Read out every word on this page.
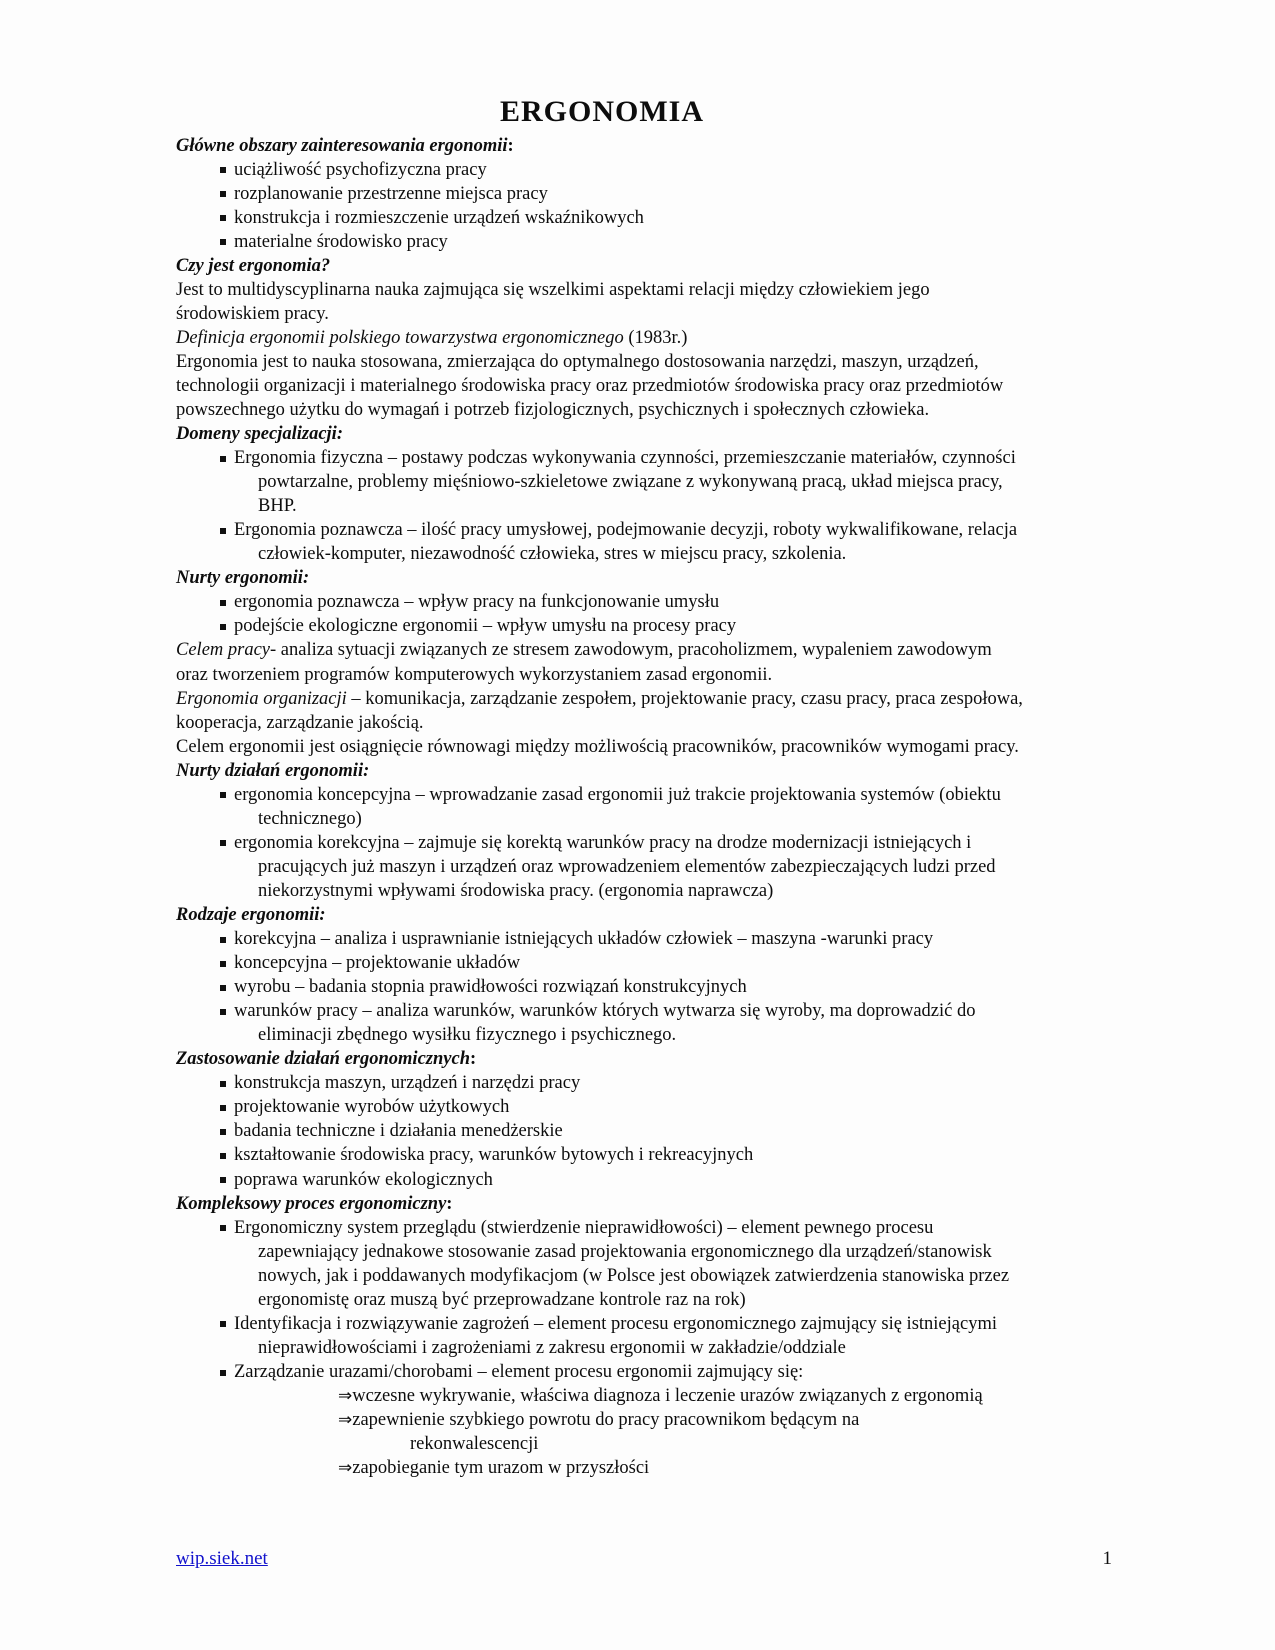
ERGONOMIA

Główne obszary zainteresowania ergonomii:

uciążliwość psychofizyczna pracy
rozplanowanie przestrzenne miejsca pracy
konstrukcja i rozmieszczenie urządzeń wskaźnikowych
materialne środowisko pracy

Czy jest ergonomia?

Jest to multidyscyplinarna nauka zajmująca się wszelkimi aspektami relacji między człowiekiem jego środowiskiem pracy.

Definicja ergonomii polskiego towarzystwa ergonomicznego (1983r.)

Ergonomia jest to nauka stosowana, zmierzająca do optymalnego dostosowania narzędzi, maszyn, urządzeń, technologii organizacji i materialnego środowiska pracy oraz przedmiotów środowiska pracy oraz przedmiotów powszechnego użytku do wymagań i potrzeb fizjologicznych, psychicznych i społecznych człowieka.

Domeny specjalizacji:

Ergonomia fizyczna – postawy podczas wykonywania czynności, przemieszczanie materiałów, czynności powtarzalne, problemy mięśniowo-szkieletowe związane z wykonywaną pracą, układ miejsca pracy, BHP.
Ergonomia poznawcza – ilość pracy umysłowej, podejmowanie decyzji, roboty wykwalifikowane, relacja człowiek-komputer, niezawodność człowieka, stres w miejscu pracy, szkolenia.

Nurty ergonomii:

ergonomia poznawcza – wpływ pracy na funkcjonowanie umysłu
podejście ekologiczne ergonomii – wpływ umysłu na procesy pracy

Celem pracy- analiza sytuacji związanych ze stresem zawodowym, pracoholizmem, wypaleniem zawodowym oraz tworzeniem programów komputerowych wykorzystaniem zasad ergonomii.

Ergonomia organizacji – komunikacja, zarządzanie zespołem, projektowanie pracy, czasu pracy, praca zespołowa, kooperacja, zarządzanie jakością.

Celem ergonomii jest osiągnięcie równowagi między możliwością pracowników, pracowników wymogami pracy.

Nurty działań ergonomii:

ergonomia koncepcyjna – wprowadzanie zasad ergonomii już trakcie projektowania systemów (obiektu technicznego)
ergonomia korekcyjna – zajmuje się korektą warunków pracy na drodze modernizacji istniejących i pracujących już maszyn i urządzeń oraz wprowadzeniem elementów zabezpieczających ludzi przed niekorzystnymi wpływami środowiska pracy. (ergonomia naprawcza)

Rodzaje ergonomii:

korekcyjna – analiza i usprawnianie istniejących układów człowiek – maszyna -warunki pracy
koncepcyjna – projektowanie układów
wyrobu – badania stopnia prawidłowości rozwiązań konstrukcyjnych
warunków pracy – analiza warunków, warunków których wytwarza się wyroby, ma doprowadzić do eliminacji zbędnego wysiłku fizycznego i psychicznego.

Zastosowanie działań ergonomicznych:

konstrukcja maszyn, urządzeń i narzędzi pracy
projektowanie wyrobów użytkowych
badania techniczne i działania menedżerskie
kształtowanie środowiska pracy, warunków bytowych i rekreacyjnych
poprawa warunków ekologicznych

Kompleksowy proces ergonomiczny:

Ergonomiczny system przeglądu (stwierdzenie nieprawidłowości) – element pewnego procesu zapewniający jednakowe stosowanie zasad projektowania ergonomicznego dla urządzeń/stanowisk nowych, jak i poddawanych modyfikacjom (w Polsce jest obowiązek zatwierdzenia stanowiska przez ergonomistę oraz muszą być przeprowadzane kontrole raz na rok)
Identyfikacja i rozwiązywanie zagrożeń – element procesu ergonomicznego zajmujący się istniejącymi nieprawidłowościami i zagrożeniami z zakresu ergonomii w zakładzie/oddziale
Zarządzanie urazami/chorobami – element procesu ergonomii zajmujący się:
⇒wczesne wykrywanie, właściwa diagnoza i leczenie urazów związanych z ergonomią
⇒zapewnienie szybkiego powrotu do pracy pracownikom będącym na
rekonwalescencji
⇒zapobieganie tym urazom w przyszłości
wip.siek.net	1
